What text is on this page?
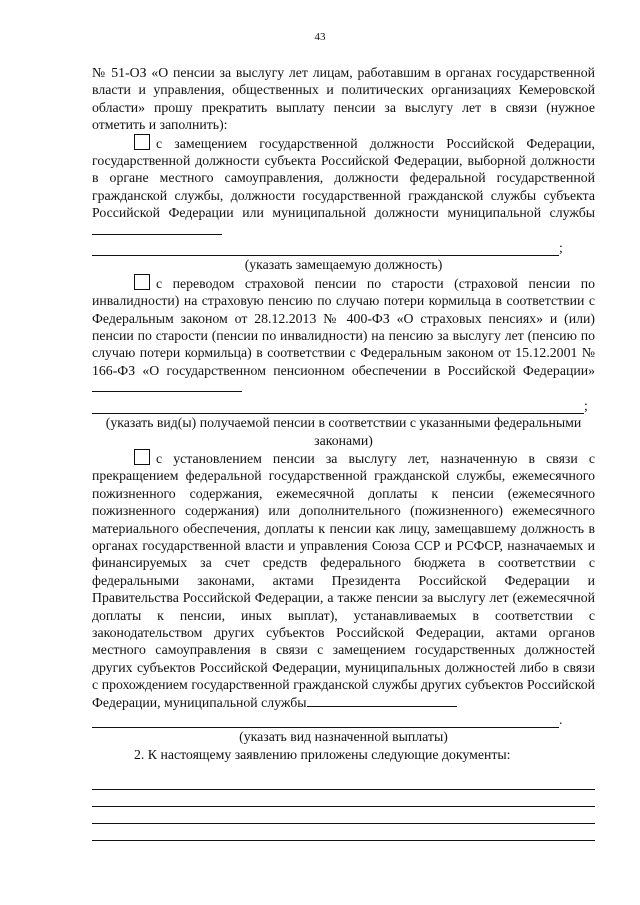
43

№ 51-ОЗ «О пенсии за выслугу лет лицам, работавшим в органах государственной власти и управления, общественных и политических организациях Кемеровской области» прошу прекратить выплату пенсии за выслугу лет в связи (нужное отметить и заполнить):

с замещением государственной должности Российской Федерации, государственной должности субъекта Российской Федерации, выборной должности в органе местного самоуправления, должности федеральной государственной гражданской службы, должности государственной гражданской службы субъекта Российской Федерации или муниципальной должности муниципальной службы

;

(указать замещаемую должность)

с переводом страховой пенсии по старости (страховой пенсии по инвалидности) на страховую пенсию по случаю потери кормильца в соответствии с Федеральным законом от 28.12.2013 № 400-ФЗ «О страховых пенсиях» и (или) пенсии по старости (пенсии по инвалидности) на пенсию за выслугу лет (пенсию по случаю потери кормильца) в соответствии с Федеральным законом от 15.12.2001 № 166-ФЗ «О государственном пенсионном обеспечении в Российской Федерации»

;

(указать вид(ы) получаемой пенсии в соответствии с указанными федеральными законами)

с установлением пенсии за выслугу лет, назначенную в связи с прекращением федеральной государственной гражданской службы, ежемесячного пожизненного содержания, ежемесячной доплаты к пенсии (ежемесячного пожизненного содержания) или дополнительного (пожизненного) ежемесячного материального обеспечения, доплаты к пенсии как лицу, замещавшему должность в органах государственной власти и управления Союза ССР и РСФСР, назначаемых и финансируемых за счет средств федерального бюджета в соответствии с федеральными законами, актами Президента Российской Федерации и Правительства Российской Федерации, а также пенсии за выслугу лет (ежемесячной доплаты к пенсии, иных выплат), устанавливаемых в соответствии с законодательством других субъектов Российской Федерации, актами органов местного самоуправления в связи с замещением государственных должностей других субъектов Российской Федерации, муниципальных должностей либо в связи с прохождением государственной гражданской службы других субъектов Российской Федерации, муниципальной службы

.

(указать вид назначенной выплаты)

2. К настоящему заявлению приложены следующие документы:
